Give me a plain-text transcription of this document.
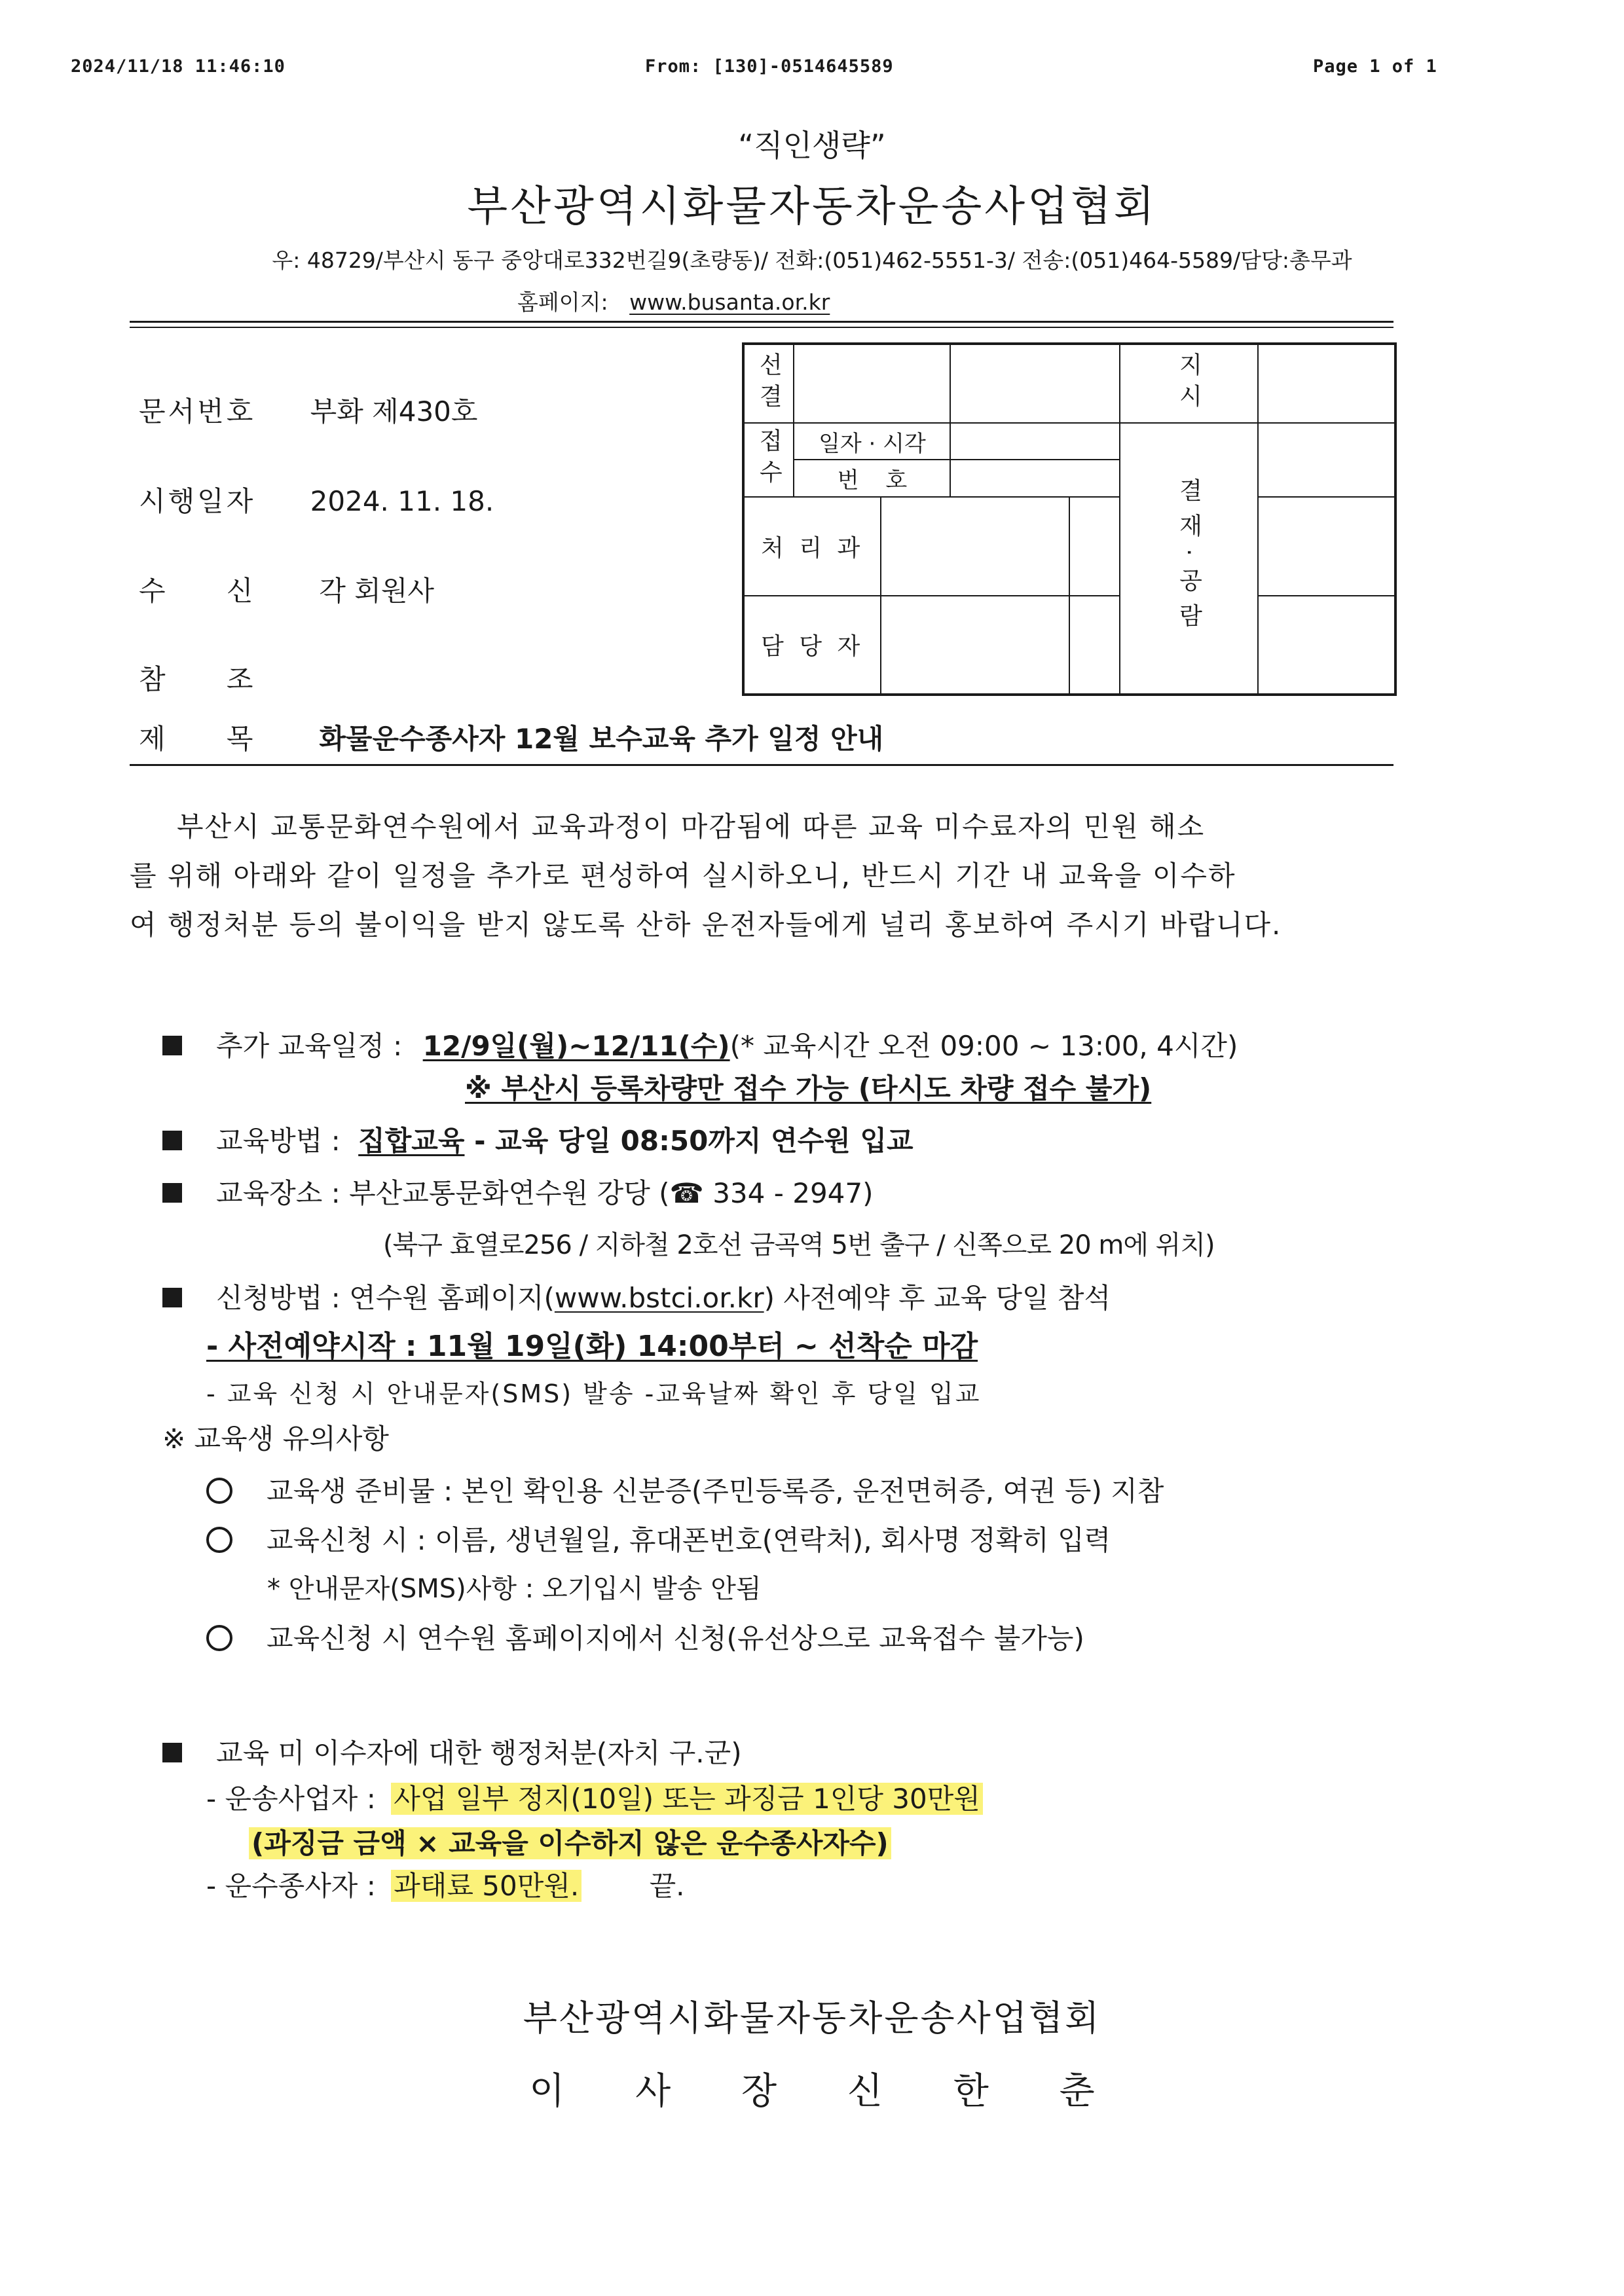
2024/11/18 11:46:10	From: [130]-0514645589	Page 1 of 1
“직인생략”
부산광역시화물자동차운송사업협회
우: 48729/부산시 동구 중앙대로332번길9(초량동)/ 전화:(051)462-5551-3/ 전송:(051)464-5589/담당:총무과
홈페이지: www.busanta.or.kr
문서번호 부화 제430호
시행일자 2024. 11. 18.
수 신 각 회원사
참 조
제 목 화물운수종사자 12월 보수교육 추가 일정 안내
선결					지시	
접수	일자 · 시각				결재·공람	
	번 호					
처 리 과						
담 당 자						
부산시 교통문화연수원에서 교육과정이 마감됨에 따른 교육 미수료자의 민원 해소
를 위해 아래와 같이 일정을 추가로 편성하여 실시하오니, 반드시 기간 내 교육을 이수하
여 행정처분 등의 불이익을 받지 않도록 산하 운전자들에게 널리 홍보하여 주시기 바랍니다.
추가 교육일정 : 12/9일(월)~12/11(수)(* 교육시간 오전 09:00 ~ 13:00, 4시간)
※ 부산시 등록차량만 접수 가능 (타시도 차량 접수 불가)
교육방법 : 집합교육 - 교육 당일 08:50까지 연수원 입교
교육장소 : 부산교통문화연수원 강당 (☎ 334 - 2947)
(북구 효열로256 / 지하철 2호선 금곡역 5번 출구 / 신쪽으로 20 m에 위치)
신청방법 : 연수원 홈페이지(www.bstci.or.kr) 사전예약 후 교육 당일 참석
- 사전예약시작 : 11월 19일(화) 14:00부터 ~ 선착순 마감
- 교육 신청 시 안내문자(SMS) 발송 -교육날짜 확인 후 당일 입교
※ 교육생 유의사항
교육생 준비물 : 본인 확인용 신분증(주민등록증, 운전면허증, 여권 등) 지참
교육신청 시 : 이름, 생년월일, 휴대폰번호(연락처), 회사명 정확히 입력
* 안내문자(SMS)사항 : 오기입시 발송 안됨
교육신청 시 연수원 홈페이지에서 신청(유선상으로 교육접수 불가능)
교육 미 이수자에 대한 행정처분(자치 구.군)
- 운송사업자 : 사업 일부 정지(10일) 또는 과징금 1인당 30만원
(과징금 금액 × 교육을 이수하지 않은 운수종사자수)
- 운수종사자 : 과태료 50만원.	끝.
부산광역시화물자동차운송사업협회
이 사 장 신 한 춘
